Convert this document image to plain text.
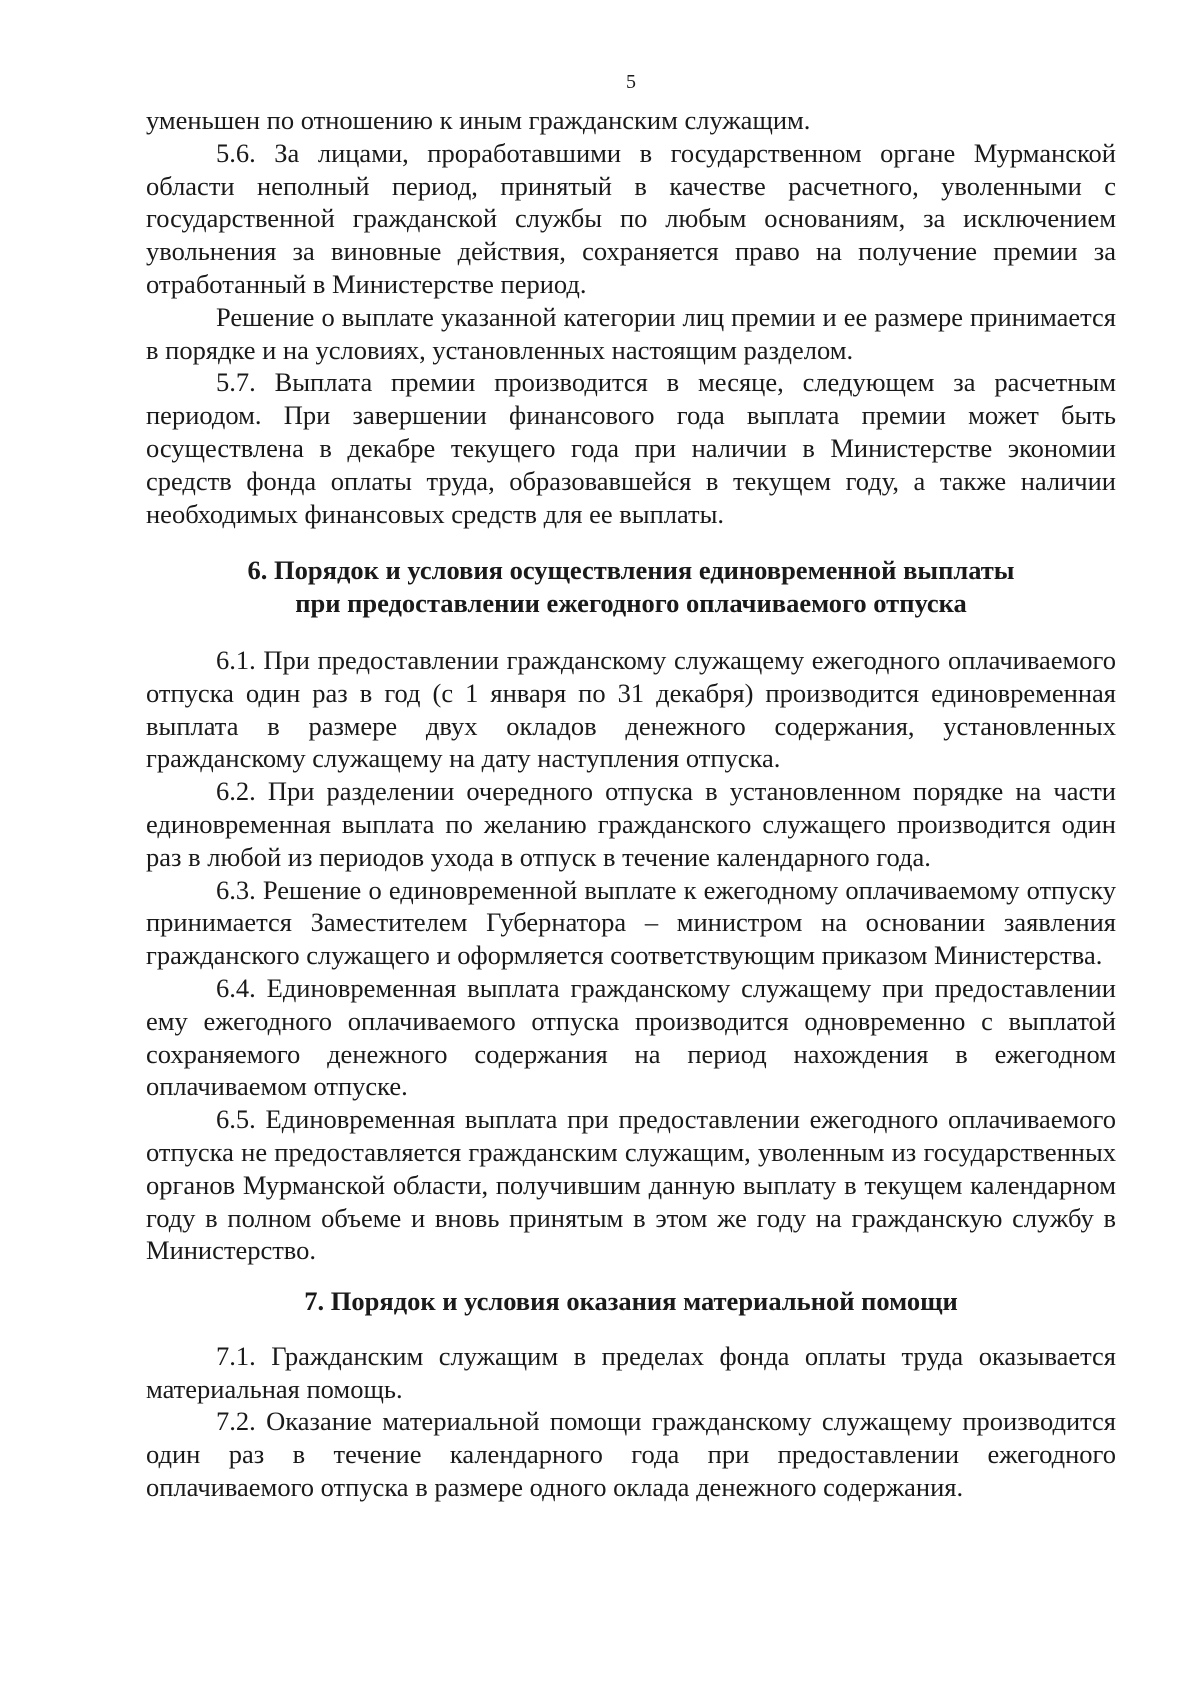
5

уменьшен по отношению к иным гражданским служащим.

5.6. За лицами, проработавшими в государственном органе Мурманской области неполный период, принятый в качестве расчетного, уволенными с государственной гражданской службы по любым основаниям, за исключением увольнения за виновные действия, сохраняется право на получение премии за отработанный в Министерстве период.

Решение о выплате указанной категории лиц премии и ее размере принимается в порядке и на условиях, установленных настоящим разделом.

5.7. Выплата премии производится в месяце, следующем за расчетным периодом. При завершении финансового года выплата премии может быть осуществлена в декабре текущего года при наличии в Министерстве экономии средств фонда оплаты труда, образовавшейся в текущем году, а также наличии необходимых финансовых средств для ее выплаты.

6. Порядок и условия осуществления единовременной выплаты
при предоставлении ежегодного оплачиваемого отпуска

6.1. При предоставлении гражданскому служащему ежегодного оплачиваемого отпуска один раз в год (с 1 января по 31 декабря) производится единовременная выплата в размере двух окладов денежного содержания, установленных гражданскому служащему на дату наступления отпуска.

6.2. При разделении очередного отпуска в установленном порядке на части единовременная выплата по желанию гражданского служащего производится один раз в любой из периодов ухода в отпуск в течение календарного года.

6.3. Решение о единовременной выплате к ежегодному оплачиваемому отпуску принимается Заместителем Губернатора – министром на основании заявления гражданского служащего и оформляется соответствующим приказом Министерства.

6.4. Единовременная выплата гражданскому служащему при предоставлении ему ежегодного оплачиваемого отпуска производится одновременно с выплатой сохраняемого денежного содержания на период нахождения в ежегодном оплачиваемом отпуске.

6.5. Единовременная выплата при предоставлении ежегодного оплачиваемого отпуска не предоставляется гражданским служащим, уволенным из государственных органов Мурманской области, получившим данную выплату в текущем календарном году в полном объеме и вновь принятым в этом же году на гражданскую службу в Министерство.

7. Порядок и условия оказания материальной помощи

7.1. Гражданским служащим в пределах фонда оплаты труда оказывается материальная помощь.

7.2. Оказание материальной помощи гражданскому служащему производится один раз в течение календарного года при предоставлении ежегодного оплачиваемого отпуска в размере одного оклада денежного содержания.
